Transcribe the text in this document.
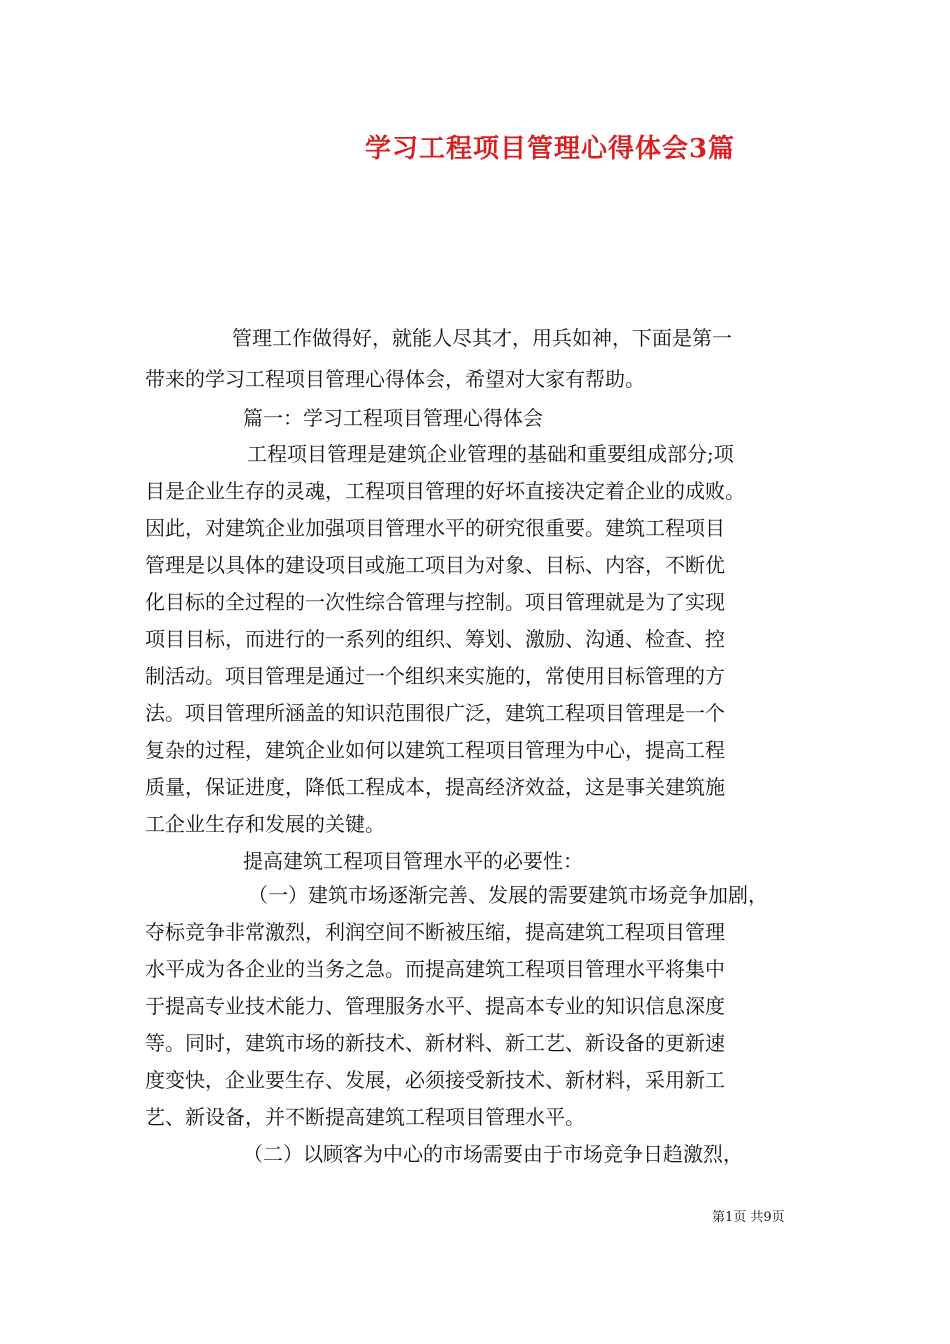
学习工程项目管理心得体会3篇
管理工作做得好，就能人尽其才，用兵如神，下面是第一
带来的学习工程项目管理心得体会，希望对大家有帮助。
篇一：学习工程项目管理心得体会
工程项目管理是建筑企业管理的基础和重要组成部分;项
目是企业生存的灵魂，工程项目管理的好坏直接决定着企业的成败。
因此，对建筑企业加强项目管理水平的研究很重要。建筑工程项目
管理是以具体的建设项目或施工项目为对象、目标、内容，不断优
化目标的全过程的一次性综合管理与控制。项目管理就是为了实现
项目目标，而进行的一系列的组织、筹划、激励、沟通、检查、控
制活动。项目管理是通过一个组织来实施的，常使用目标管理的方
法。项目管理所涵盖的知识范围很广泛，建筑工程项目管理是一个
复杂的过程，建筑企业如何以建筑工程项目管理为中心，提高工程
质量，保证进度，降低工程成本，提高经济效益，这是事关建筑施
工企业生存和发展的关键。
提高建筑工程项目管理水平的必要性：
（一）建筑市场逐渐完善、发展的需要建筑市场竞争加剧，
夺标竞争非常激烈，利润空间不断被压缩，提高建筑工程项目管理
水平成为各企业的当务之急。而提高建筑工程项目管理水平将集中
于提高专业技术能力、管理服务水平、提高本专业的知识信息深度
等。同时，建筑市场的新技术、新材料、新工艺、新设备的更新速
度变快，企业要生存、发展，必须接受新技术、新材料，采用新工
艺、新设备，并不断提高建筑工程项目管理水平。
（二）以顾客为中心的市场需要由于市场竞争日趋激烈，
第1页 共9页
